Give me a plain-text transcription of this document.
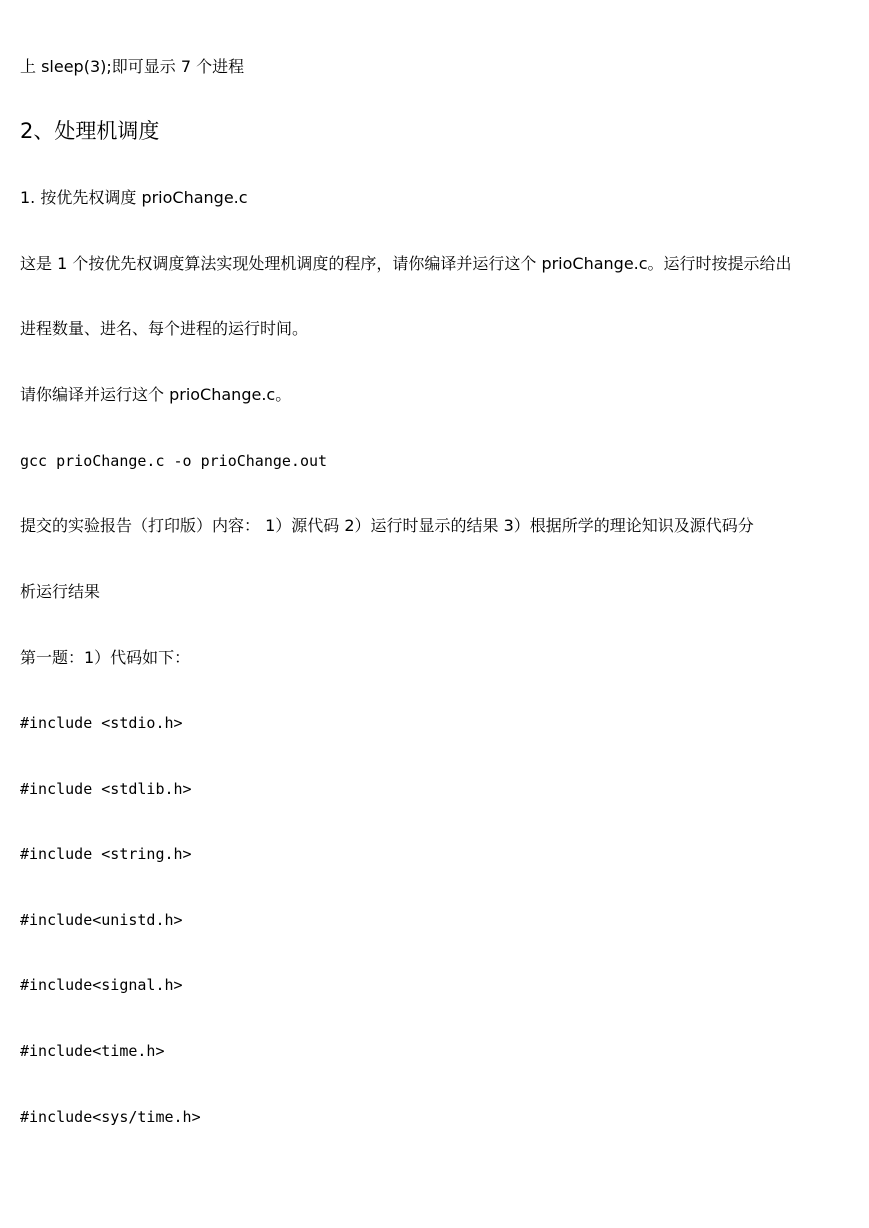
上 sleep(3);即可显示 7 个进程
2、处理机调度
1. 按优先权调度 prioChange.c
这是 1 个按优先权调度算法实现处理机调度的程序，请你编译并运行这个 prioChange.c。运行时按提示给出
进程数量、进名、每个进程的运行时间。
请你编译并运行这个 prioChange.c。
gcc prioChange.c -o prioChange.out
提交的实验报告（打印版）内容： 1）源代码 2）运行时显示的结果 3）根据所学的理论知识及源代码分
析运行结果
第一题：1）代码如下：
#include <stdio.h>
#include <stdlib.h>
#include <string.h>
#include<unistd.h>
#include<signal.h>
#include<time.h>
#include<sys/time.h>
